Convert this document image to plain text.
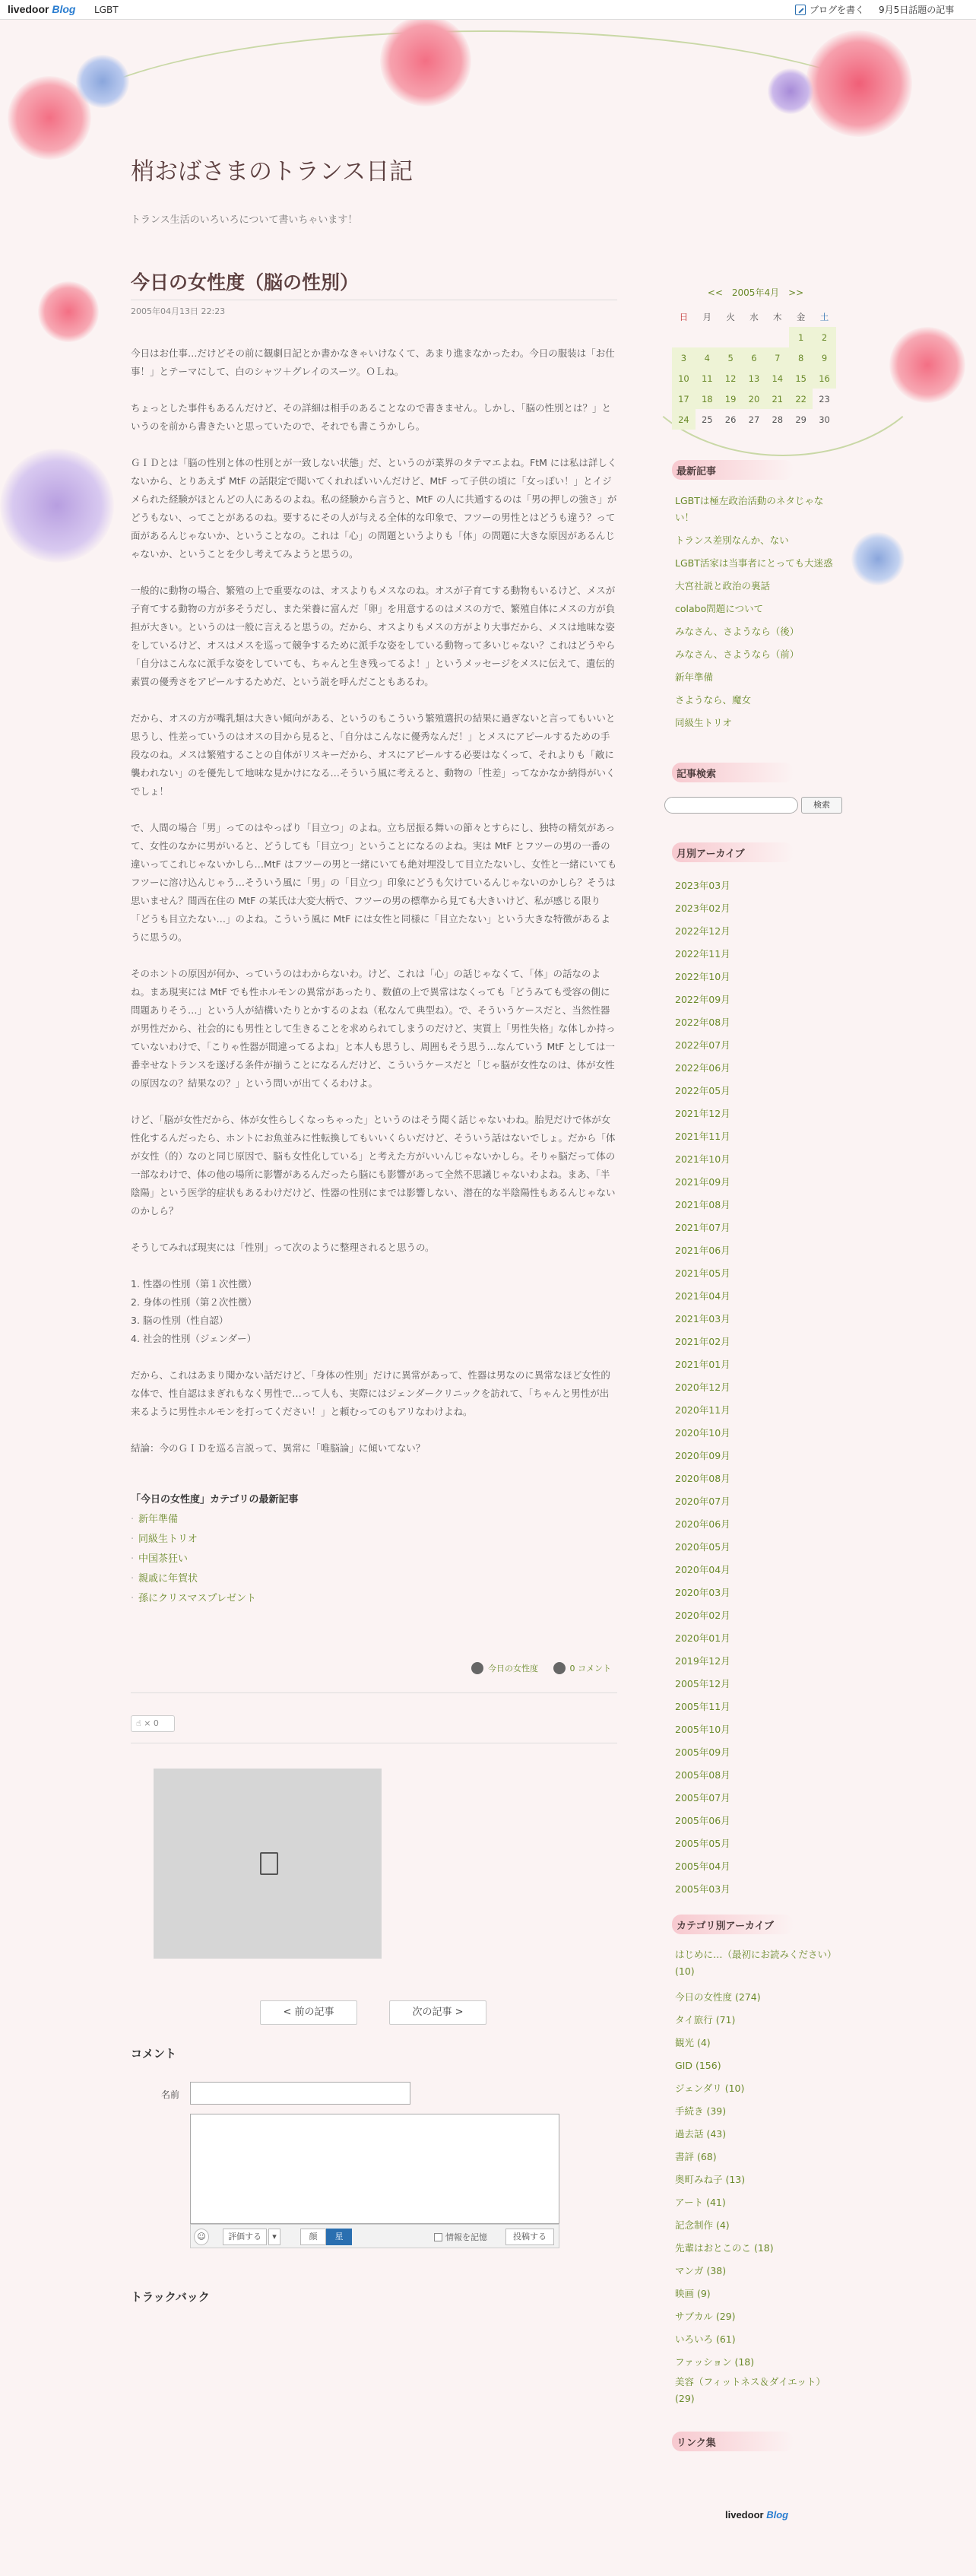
livedoor Blog LGBT	ブログを書く 9月5日話題の記事
梢おばさまのトランス日記
トランス生活のいろいろについて書いちゃいます！
今日の女性度（脳の性別）
2005年04月13日 22:23

今日はお仕事…だけどその前に観劇日記とか書かなきゃいけなくて、あまり進まなかったわ。今日の服装は「お仕事！」とテーマにして、白のシャツ＋グレイのスーツ。ＯＬね。

ちょっとした事件もあるんだけど、その詳細は相手のあることなので書きません。しかし、「脳の性別とは？」というのを前から書きたいと思っていたので、それでも書こうかしら。

ＧＩＤとは「脳の性別と体の性別とが一致しない状態」だ、というのが業界のタテマエよね。FtM には私は詳しくないから、とりあえず MtF の話限定で聞いてくれればいいんだけど、MtF って子供の頃に「女っぽい！」とイジメられた経験がほとんどの人にあるのよね。私の経験から言うと、MtF の人に共通するのは「男の押しの強さ」がどうもない、ってことがあるのね。要するにその人が与える全体的な印象で、フツーの男性とはどうも違う？って面があるんじゃないか、ということなの。これは「心」の問題というよりも「体」の問題に大きな原因があるんじゃないか、ということを少し考えてみようと思うの。

一般的に動物の場合、繁殖の上で重要なのは、オスよりもメスなのね。オスが子育てする動物もいるけど、メスが子育てする動物の方が多そうだし、また栄養に富んだ「卵」を用意するのはメスの方で、繁殖自体にメスの方が負担が大きい。というのは一般に言えると思うの。だから、オスよりもメスの方がより大事だから、メスは地味な姿をしているけど、オスはメスを巡って競争するために派手な姿をしている動物って多いじゃない？これはどうやら「自分はこんなに派手な姿をしていても、ちゃんと生き残ってるよ！」というメッセージをメスに伝えて、遺伝的素質の優秀さをアピールするためだ、という説を呼んだこともあるわ。

だから、オスの方が嘴乳類は大きい傾向がある、というのもこういう繁殖選択の結果に過ぎないと言ってもいいと思うし、性差っていうのはオスの目から見ると、「自分はこんなに優秀なんだ！」とメスにアピールするための手段なのね。メスは繁殖することの自体がリスキーだから、オスにアピールする必要はなくって、それよりも「敵に襲われない」のを優先して地味な見かけになる…そういう風に考えると、動物の「性差」ってなかなか納得がいくでしょ！

で、人間の場合「男」ってのはやっぱり「目立つ」のよね。立ち居振る舞いの節々とすらにし、独特の精気があって、女性のなかに男がいると、どうしても「目立つ」ということになるのよね。実は MtF とフツーの男の一番の違いってこれじゃないかしら…MtF はフツーの男と一緒にいても絶対埋没して目立たないし、女性と一緒にいてもフツーに溶け込んじゃう…そういう風に「男」の「目立つ」印象にどうも欠けているんじゃないのかしら？そうは思いません？間西在住の MtF の某氏は大変大柄で、フツーの男の標準から見ても大きいけど、私が感じる限り「どうも目立たない…」のよね。こういう風に MtF には女性と同様に「目立たない」という大きな特徴があるように思うの。

そのホントの原因が何か、っていうのはわからないわ。けど、これは「心」の話じゃなくて、「体」の話なのよね。まあ現実には MtF でも性ホルモンの異常があったり、数値の上で異常はなくっても「どうみても受容の側に問題ありそう…」という人が結構いたりとかするのよね（私なんて典型ね）。で、そういうケースだと、当然性器が男性だから、社会的にも男性として生きることを求められてしまうのだけど、実質上「男性失格」な体しか持っていないわけで、「こりゃ性器が間違ってるよね」と本人も思うし、周囲もそう思う…なんていう MtF としては一番幸せなトランスを遂げる条件が揃うことになるんだけど、こういうケースだと「じゃ脳が女性なのは、体が女性の原因なの？結果なの？」という問いが出てくるわけよ。

けど、「脳が女性だから、体が女性らしくなっちゃった」というのはそう聞く話じゃないわね。胎児だけで体が女性化するんだったら、ホントにお魚並みに性転換してもいいくらいだけど、そういう話はないでしょ。だから「体が女性（的）なのと同じ原因で、脳も女性化している」と考えた方がいいんじゃないかしら。そりゃ脳だって体の一部なわけで、体の他の場所に影響があるんだったら脳にも影響があって全然不思議じゃないわよね。まあ、「半陰陽」という医学的症状もあるわけだけど、性器の性別にまでは影響しない、潜在的な半陰陽性もあるんじゃないのかしら？

そうしてみれば現実には「性別」って次のように整理されると思うの。

1. 性器の性別（第１次性徴）

2. 身体の性別（第２次性徴）

3. 脳の性別（性自認）

4. 社会的性別（ジェンダー）

だから、これはあまり聞かない話だけど、「身体の性別」だけに異常があって、性器は男なのに異常なほど女性的な体で、性自認はまぎれもなく男性で…って人も、実際にはジェンダークリニックを訪れて、「ちゃんと男性が出来るように男性ホルモンを打ってください！」と頼むってのもアリなわけよね。

結論：今のＧＩＤを巡る言説って、異常に「唯脳論」に傾いてない？

「今日の女性度」カテゴリの最新記事
· 新年準備
· 同級生トリオ
· 中国茶狂い
· 親戚に年賀状
· 孫にクリスマスプレゼント
今日の女性度	0 コメント
☝ × 0
< 前の記事	次の記事 >
コメント
名前
☺	評価する	▾	顔	星	情報を記憶	投稿する
トラックバック
<<　2005年4月　>>
日	月	火	水	木	金	土
					1	2
3	4	5	6	7	8	9
10	11	12	13	14	15	16
17	18	19	20	21	22	23
24	25	26	27	28	29	30
最新記事
LGBTは極左政治活動のネタじゃない！
トランス差別なんか、ない
LGBT活家は当事者にとっても大迷惑
大宮社説と政治の裏話
colabo問題について
みなさん、さようなら（後）
みなさん、さようなら（前）
新年準備
さようなら、魔女
同級生トリオ
記事検索
検索
月別アーカイブ
2023年03月
2023年02月
2022年12月
2022年11月
2022年10月
2022年09月
2022年08月
2022年07月
2022年06月
2022年05月
2021年12月
2021年11月
2021年10月
2021年09月
2021年08月
2021年07月
2021年06月
2021年05月
2021年04月
2021年03月
2021年02月
2021年01月
2020年12月
2020年11月
2020年10月
2020年09月
2020年08月
2020年07月
2020年06月
2020年05月
2020年04月
2020年03月
2020年02月
2020年01月
2019年12月
2005年12月
2005年11月
2005年10月
2005年09月
2005年08月
2005年07月
2005年06月
2005年05月
2005年04月
2005年03月
カテゴリ別アーカイブ
はじめに…（最初にお読みください）(10)
今日の女性度 (274)
タイ旅行 (71)
観光 (4)
GID (156)
ジェンダリ (10)
手続き (39)
過去話 (43)
書評 (68)
奥町みね子 (13)
アート (41)
記念制作 (4)
先輩はおとこのこ (18)
マンガ (38)
映画 (9)
サブカル (29)
いろいろ (61)
ファッション (18)
美容（フィットネス＆ダイエット）(29)
リンク集
livedoor Blog
